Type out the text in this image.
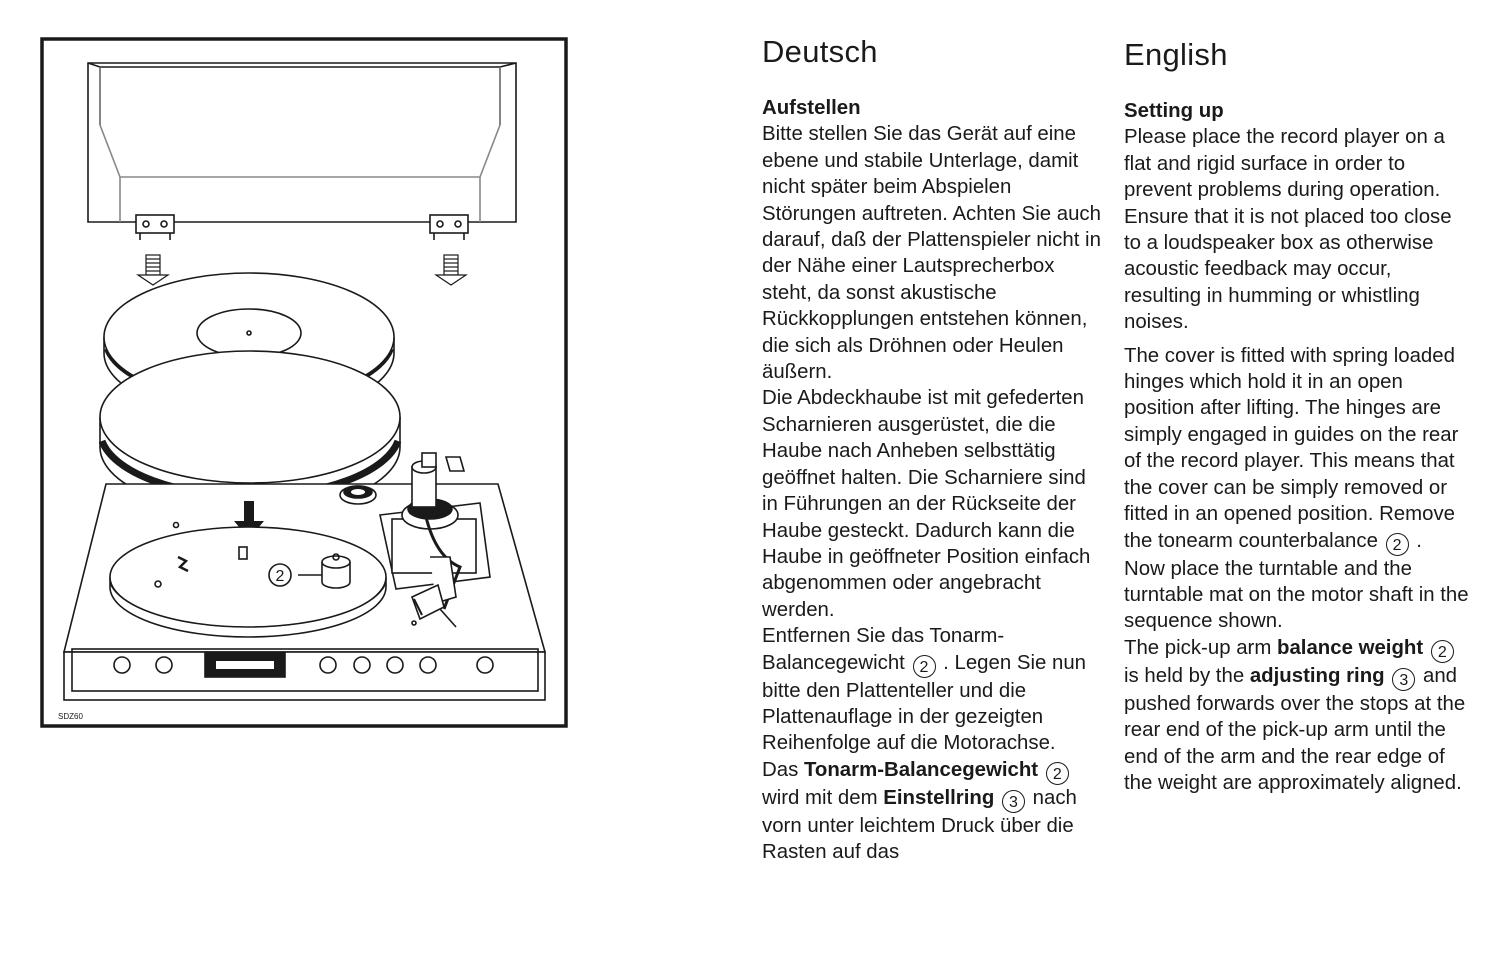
2
SDZ60
Deutsch
Aufstellen

Bitte stellen Sie das Gerät auf eine ebene und stabile Unterlage, damit nicht später beim Abspielen Störungen auftreten. Achten Sie auch darauf, daß der Plattenspieler nicht in der Nähe einer Lautsprecherbox steht, da sonst akustische Rückkopplungen entstehen können, die sich als Dröhnen oder Heulen äußern.

Die Abdeckhaube ist mit gefederten Scharnieren ausgerüstet, die die Haube nach Anheben selbsttätig geöffnet halten. Die Scharniere sind in Führungen an der Rückseite der Haube gesteckt. Dadurch kann die Haube in geöffneter Position einfach abgenommen oder angebracht werden.

Entfernen Sie das Tonarm-Balancegewicht 2 . Legen Sie nun bitte den Plattenteller und die Plattenauflage in der gezeigten Reihenfolge auf die Motorachse.

Das Tonarm-Balancegewicht 2 wird mit dem Einstellring 3 nach vorn unter leichtem Druck über die Rasten auf das

English
Setting up

Please place the record player on a flat and rigid surface in order to prevent problems during operation. Ensure that it is not placed too close to a loudspeaker box as otherwise acoustic feedback may occur, resulting in humming or whistling noises.

The cover is fitted with spring loaded hinges which hold it in an open position after lifting. The hinges are simply engaged in guides on the rear of the record player. This means that the cover can be simply removed or fitted in an opened position. Remove the tonearm counterbalance 2 .

Now place the turntable and the turntable mat on the motor shaft in the sequence shown.

The pick-up arm balance weight 2 is held by the adjusting ring 3 and pushed forwards over the stops at the rear end of the pick-up arm until the end of the arm and the rear edge of the weight are approximately aligned.
